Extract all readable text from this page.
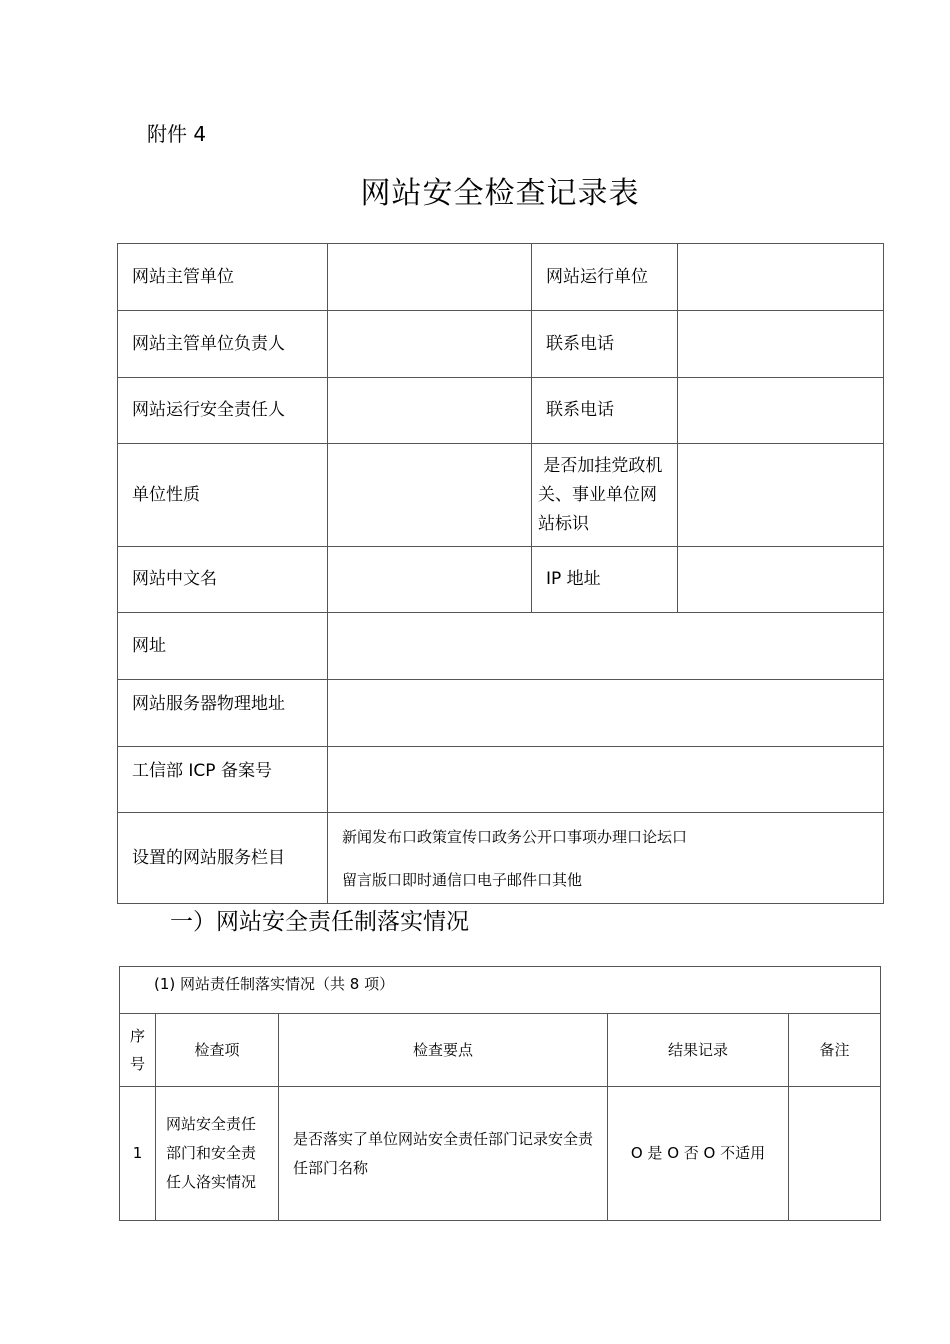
附件 4
网站安全检查记录表
网站主管单位		网站运行单位	
网站主管单位负责人		联系电话	
网站运行安全责任人		联系电话	
单位性质		是否加挂党政机关、事业单位网站标识	
网站中文名		IP 地址	
网址			
网站服务器物理地址			
工信部 ICP 备案号			
设置的网站服务栏目	新闻发布口政策宣传口政务公开口事项办理口论坛口
留言版口即时通信口电子邮件口其他		
一）网站安全责任制落实情况
(1) 网站责任制落实情况（共 8 项）				
序号	检查项	检查要点	结果记录	备注
1	网站安全责任部门和安全责任人洛实情况	是否落实了单位网站安全责任部门记录安全责任部门名称	O 是 O 否 O 不适用	
